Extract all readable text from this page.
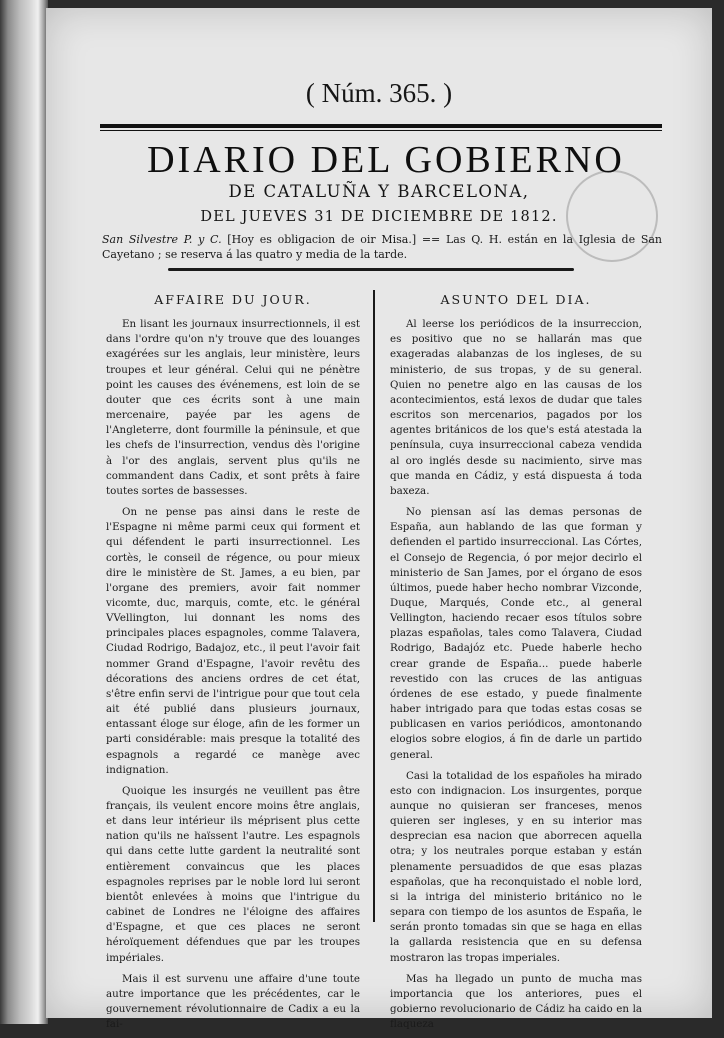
( Núm. 365. )
DIARIO DEL GOBIERNO
DE CATALUÑA Y BARCELONA,
DEL JUEVES 31 DE DICIEMBRE DE 1812.
San Silvestre P. y C. [Hoy es obligacion de oir Misa.] == Las Q. H. están en la Iglesia de San Cayetano ; se reserva á las quatro y media de la tarde.
AFFAIRE DU JOUR.

En lisant les journaux insurrectionnels, il est dans l'ordre qu'on n'y trouve que des louanges exagérées sur les anglais, leur ministère, leurs troupes et leur général. Celui qui ne pénètre point les causes des événemens, est loin de se douter que ces écrits sont à une main mercenaire, payée par les agens de l'Angleterre, dont fourmille la péninsule, et que les chefs de l'insurrection, vendus dès l'origine à l'or des anglais, servent plus qu'ils ne commandent dans Cadix, et sont prêts à faire toutes sortes de bassesses.

On ne pense pas ainsi dans le reste de l'Espagne ni même parmi ceux qui forment et qui défendent le parti insurrectionnel. Les cortès, le conseil de régence, ou pour mieux dire le ministère de St. James, a eu bien, par l'organe des premiers, avoir fait nommer vicomte, duc, marquis, comte, etc. le général VVellington, lui donnant les noms des principales places espagnoles, comme Talavera, Ciudad Rodrigo, Badajoz, etc., il peut l'avoir fait nommer Grand d'Espagne, l'avoir revêtu des décorations des anciens ordres de cet état, s'être enfin servi de l'intrigue pour que tout cela ait été publié dans plusieurs journaux, entassant éloge sur éloge, afin de les former un parti considérable: mais presque la totalité des espagnols a regardé ce manège avec indignation.

Quoique les insurgés ne veuillent pas être français, ils veulent encore moins être anglais, et dans leur intérieur ils méprisent plus cette nation qu'ils ne haïssent l'autre. Les espagnols qui dans cette lutte gardent la neutralité sont entièrement convaincus que les places espagnoles reprises par le noble lord lui seront bientôt enlevées à moins que l'intrigue du cabinet de Londres ne l'éloigne des affaires d'Espagne, et que ces places ne seront héroïquement défendues que par les troupes impériales.

Mais il est survenu une affaire d'une toute autre importance que les précédentes, car le gouvernement révolutionnaire de Cadix a eu la fai-

ASUNTO DEL DIA.

Al leerse los periódicos de la insurreccion, es positivo que no se hallarán mas que exageradas alabanzas de los ingleses, de su ministerio, de sus tropas, y de su general. Quien no penetre algo en las causas de los acontecimientos, está lexos de dudar que tales escritos son mercenarios, pagados por los agentes británicos de los que's está atestada la península, cuya insurreccional cabeza vendida al oro inglés desde su nacimiento, sirve mas que manda en Cádiz, y está dispuesta á toda baxeza.

No piensan así las demas personas de España, aun hablando de las que forman y defienden el partido insurreccional. Las Córtes, el Consejo de Regencia, ó por mejor decirlo el ministerio de San James, por el órgano de esos últimos, puede haber hecho nombrar Vizconde, Duque, Marqués, Conde etc., al general Vellington, haciendo recaer esos títulos sobre plazas españolas, tales como Talavera, Ciudad Rodrigo, Badajóz etc. Puede haberle hecho crear grande de España... puede haberle revestido con las cruces de las antiguas órdenes de ese estado, y puede finalmente haber intrigado para que todas estas cosas se publicasen en varios periódicos, amontonando elogios sobre elogios, á fin de darle un partido general.

Casi la totalidad de los españoles ha mirado esto con indignacion. Los insurgentes, porque aunque no quisieran ser franceses, menos quieren ser ingleses, y en su interior mas desprecian esa nacion que aborrecen aquella otra; y los neutrales porque estaban y están plenamente persuadidos de que esas plazas españolas, que ha reconquistado el noble lord, si la intriga del ministerio británico no le separa con tiempo de los asuntos de España, le serán pronto tomadas sin que se haga en ellas la gallarda resistencia que en su defensa mostraron las tropas imperiales.

Mas ha llegado un punto de mucha mas importancia que los anteriores, pues el gobierno revolucionario de Cádiz ha caido en la flaqueza
